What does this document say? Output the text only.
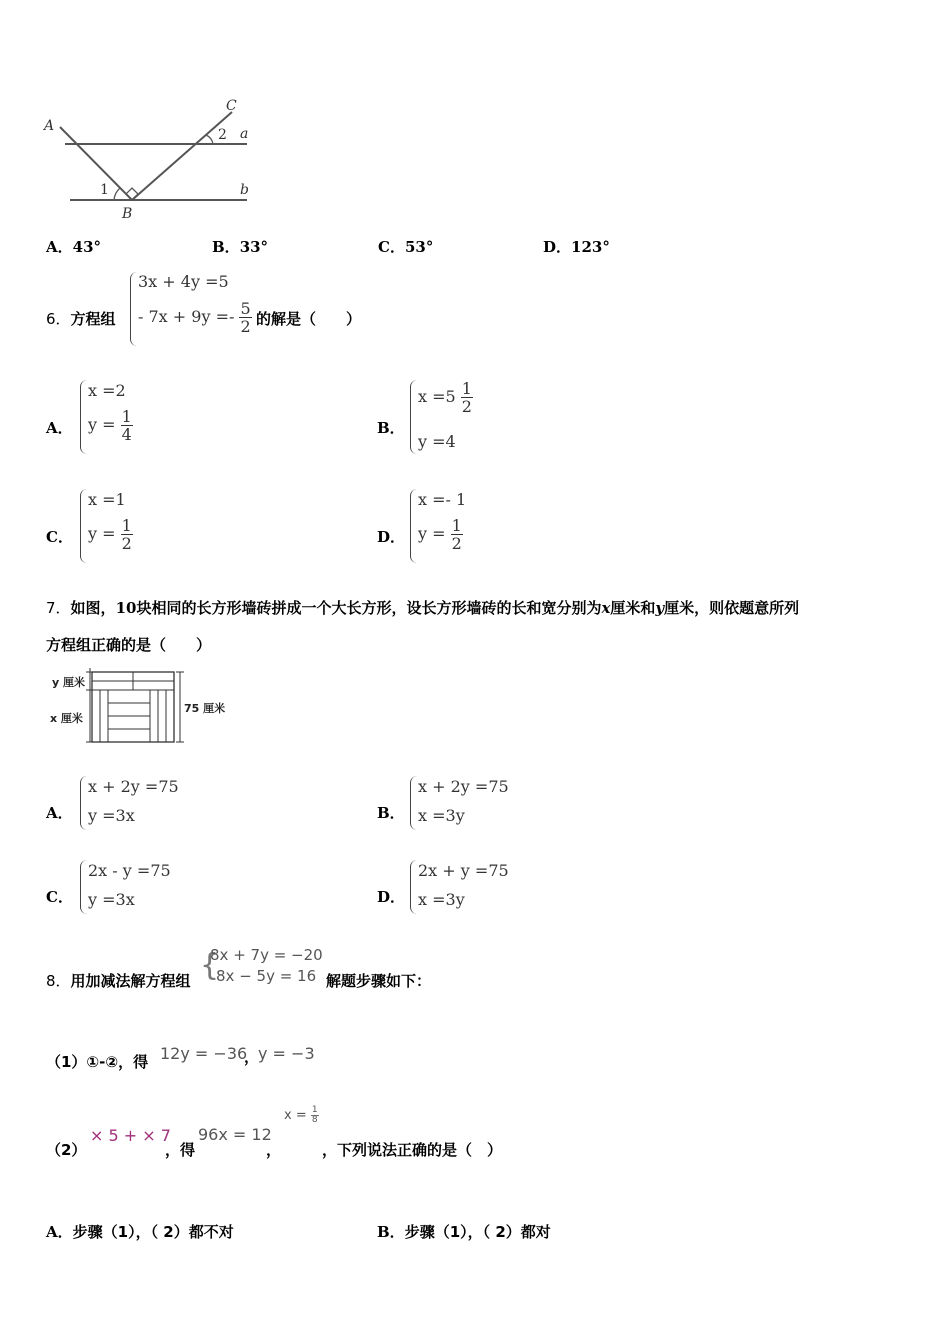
A
B
C
a
b
1
2
A．43°	B．33°	C．53°	D．123°
6．方程组
3x + 4y =5
- $7x + 9y =- \frac{5}{2}$ 的解是（　　）
A．
x =2
$y = \frac{1}{4}$	B．
$x =5 \frac{1}{2}$
y =4
C．
x =1
$y = \frac{1}{2}$	D．
x =- 1
$y = \frac{1}{2}$
7．如图，10块相同的长方形墙砖拼成一个大长方形，设长方形墙砖的长和宽分别为x厘米和y厘米，则依题意所列
方程组正确的是（　　）
y 厘米
x 厘米
75 厘米
A．
x + 2y =75
y =3x	B．
x + 2y =75
x =3y
C．
2x - y =75
y =3x	D．
2x + y =75
x =3y
8．用加减法解方程组 {
8x + 7y = −20
8x − 5y = 16 解题步骤如下：
（1）①-②，得 12y = −36
，
y = −3
（2）
× 5 + × 7
，得
96x = 12
，
$x = \frac{1}{8}$
，下列说法正确的是（　）
A．步骤（1），（ 2）都不对	B．步骤（1），（ 2）都对
